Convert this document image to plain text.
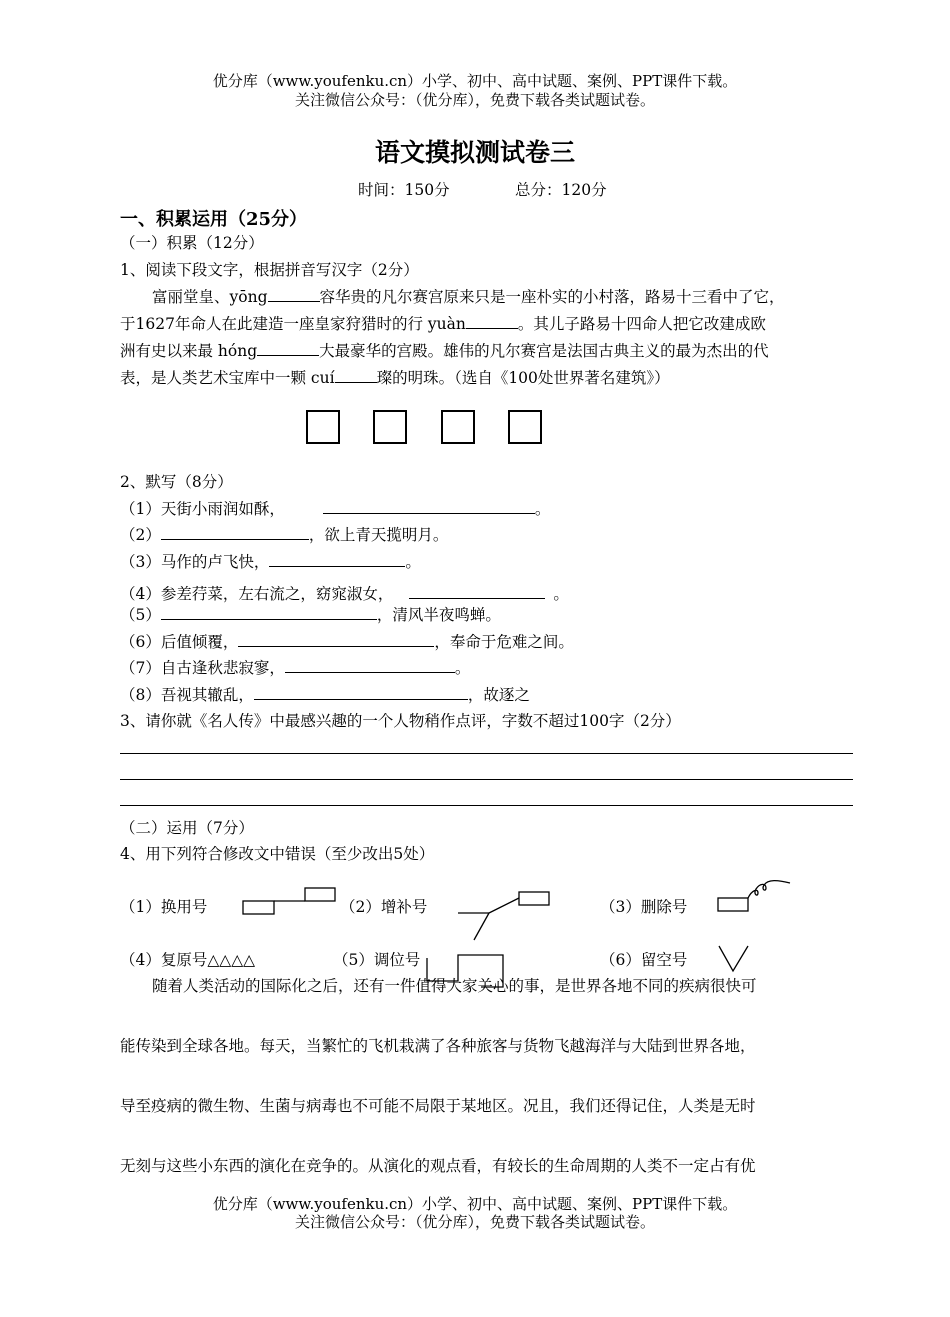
优分库（www.youfenku.cn）小学、初中、高中试题、案例、PPT课件下载。
关注微信公众号：（优分库），免费下载各类试题试卷。
语文摸拟测试卷三
时间：150分	总分：120分
一、积累运用（25分）
（一）积累（12分）
1、阅读下段文字，根据拼音写汉字（2分）
富丽堂皇、yōng	容华贵的凡尔赛宫原来只是一座朴实的小村落，路易十三看中了它，
于1627年命人在此建造一座皇家狩猎时的行 yuàn	。其儿子路易十四命人把它改建成欧
洲有史以来最 hóng	大最豪华的宫殿。雄伟的凡尔赛宫是法国古典主义的最为杰出的代
表，是人类艺术宝库中一颗 cuí	璨的明珠。（选自《100处世界著名建筑》）
2、默写（8分）
（1）天街小雨润如酥，	。
（2）	，欲上青天揽明月。
（3）马作的卢飞快，	。
（4）参差荇菜，左右流之，窈窕淑女，	。
（5）	，清风半夜鸣蝉。
（6）后值倾覆，	，奉命于危难之间。
（7）自古逢秋悲寂寥，	。
（8）吾视其辙乱，	，故逐之
3、请你就《名人传》中最感兴趣的一个人物稍作点评，字数不超过100字（2分）
（二）运用（7分）
4、用下列符合修改文中错误（至少改出5处）
（1）换用号	（2）增补号	（3）删除号
（4）复原号△△△△	（5）调位号	（6）留空号
随着人类活动的国际化之后，还有一件值得大家关心的事，是世界各地不同的疾病很快可
能传染到全球各地。每天，当繁忙的飞机栽满了各种旅客与货物飞越海洋与大陆到世界各地，
导至疫病的微生物、生菌与病毒也不可能不局限于某地区。况且，我们还得记住，人类是无时
无刻与这些小东西的演化在竞争的。从演化的观点看，有较长的生命周期的人类不一定占有优
优分库（www.youfenku.cn）小学、初中、高中试题、案例、PPT课件下载。
关注微信公众号：（优分库），免费下载各类试题试卷。
